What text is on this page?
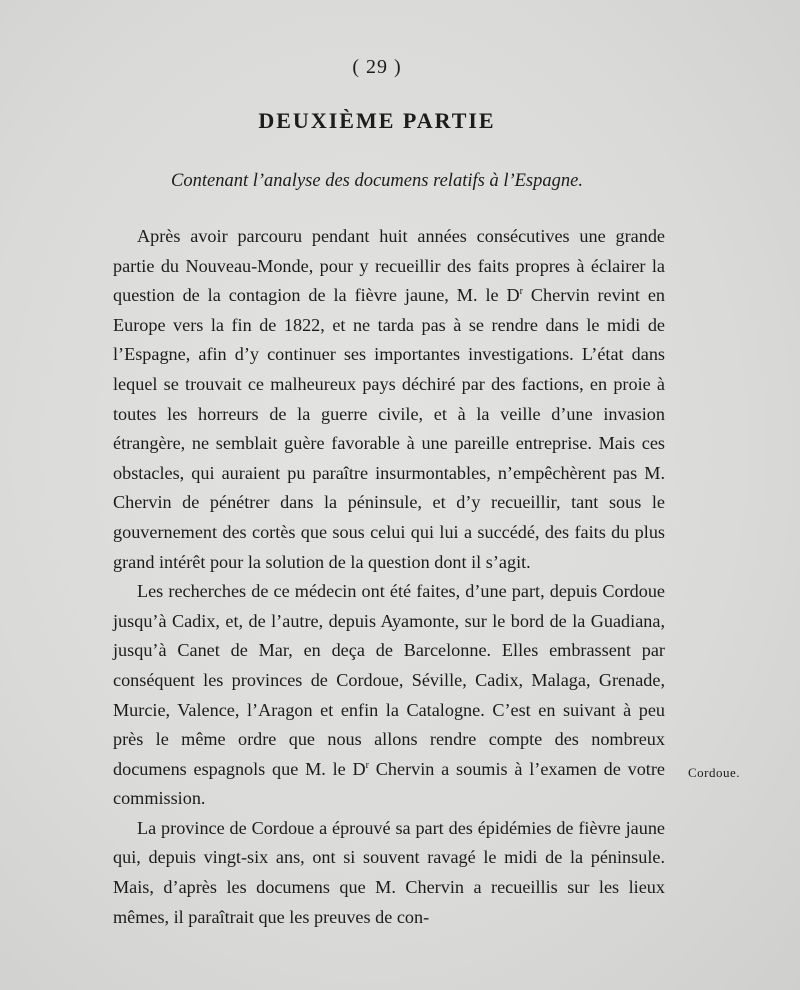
( 29 )
DEUXIÈME PARTIE
Contenant l’analyse des documens relatifs à l’Espagne.

Après avoir parcouru pendant huit années consécutives une grande partie du Nouveau-Monde, pour y recueillir des faits propres à éclairer la question de la contagion de la fièvre jaune, M. le $D^r$ Chervin revint en Europe vers la fin de 1822, et ne tarda pas à se rendre dans le midi de l’Espagne, afin d’y continuer ses importantes investigations. L’état dans lequel se trouvait ce malheureux pays déchiré par des factions, en proie à toutes les horreurs de la guerre civile, et à la veille d’une invasion étrangère, ne semblait guère favorable à une pareille entreprise. Mais ces obstacles, qui auraient pu paraître insurmontables, n’empêchèrent pas M. Chervin de pénétrer dans la péninsule, et d’y recueillir, tant sous le gouvernement des cortès que sous celui qui lui a succédé, des faits du plus grand intérêt pour la solution de la question dont il s’agit.

Les recherches de ce médecin ont été faites, d’une part, depuis Cordoue jusqu’à Cadix, et, de l’autre, depuis Ayamonte, sur le bord de la Guadiana, jusqu’à Canet de Mar, en deça de Barcelonne. Elles embrassent par conséquent les provinces de Cordoue, Séville, Cadix, Malaga, Grenade, Murcie, Valence, l’Aragon et enfin la Catalogne. C’est en suivant à peu près le même ordre que nous allons rendre compte des nombreux documens espagnols que M. le $D^r$ Chervin a soumis à l’examen de votre commission.

La province de Cordoue a éprouvé sa part des épidémies de fièvre jaune qui, depuis vingt-six ans, ont si souvent ravagé le midi de la péninsule. Mais, d’après les documens que M. Chervin a recueillis sur les lieux mêmes, il paraîtrait que les preuves de con-

Cordoue.
